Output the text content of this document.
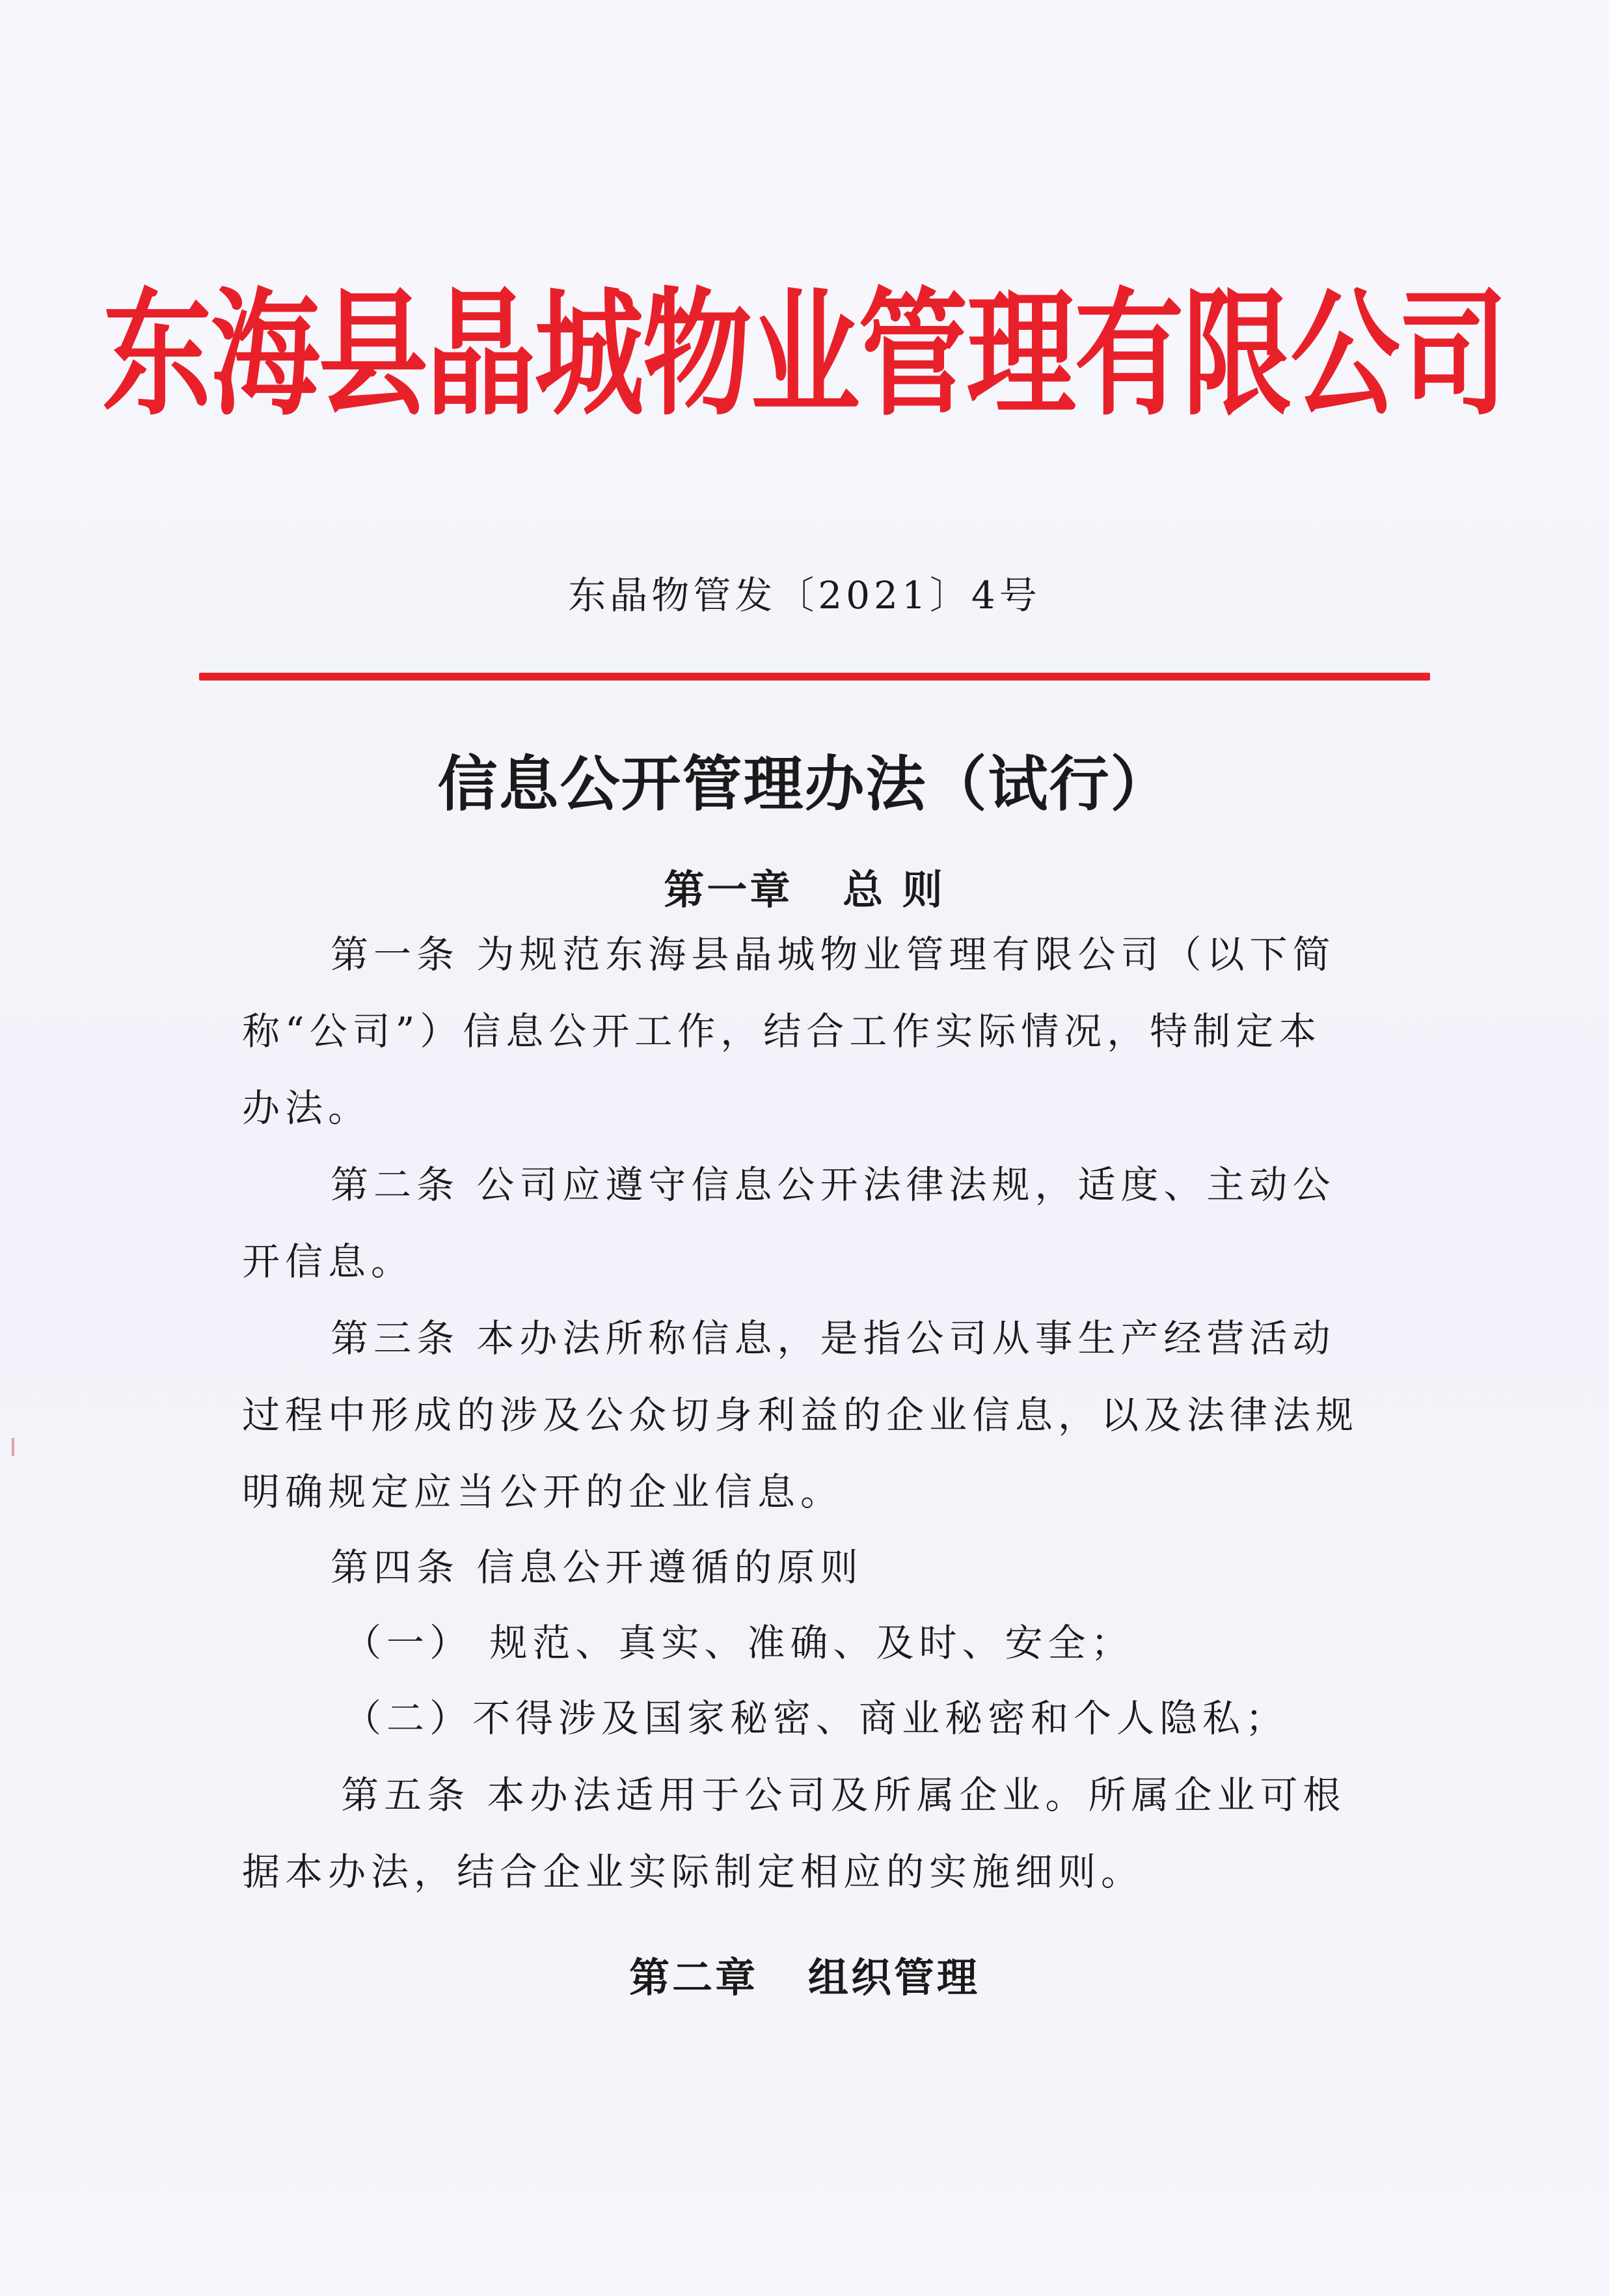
东海县晶城物业管理有限公司
东晶物管发〔2021〕4号
信息公开管理办法（试行）
第一章   总 则
第一条 为规范东海县晶城物业管理有限公司（以下简
称“公司”）信息公开工作，结合工作实际情况，特制定本
办法。
第二条 公司应遵守信息公开法律法规，适度、主动公
开信息。
第三条 本办法所称信息，是指公司从事生产经营活动
过程中形成的涉及公众切身利益的企业信息，以及法律法规
明确规定应当公开的企业信息。
第四条 信息公开遵循的原则
（一） 规范、真实、准确、及时、安全；
（二）不得涉及国家秘密、商业秘密和个人隐私；
第五条 本办法适用于公司及所属企业。所属企业可根
据本办法，结合企业实际制定相应的实施细则。
第二章   组织管理
